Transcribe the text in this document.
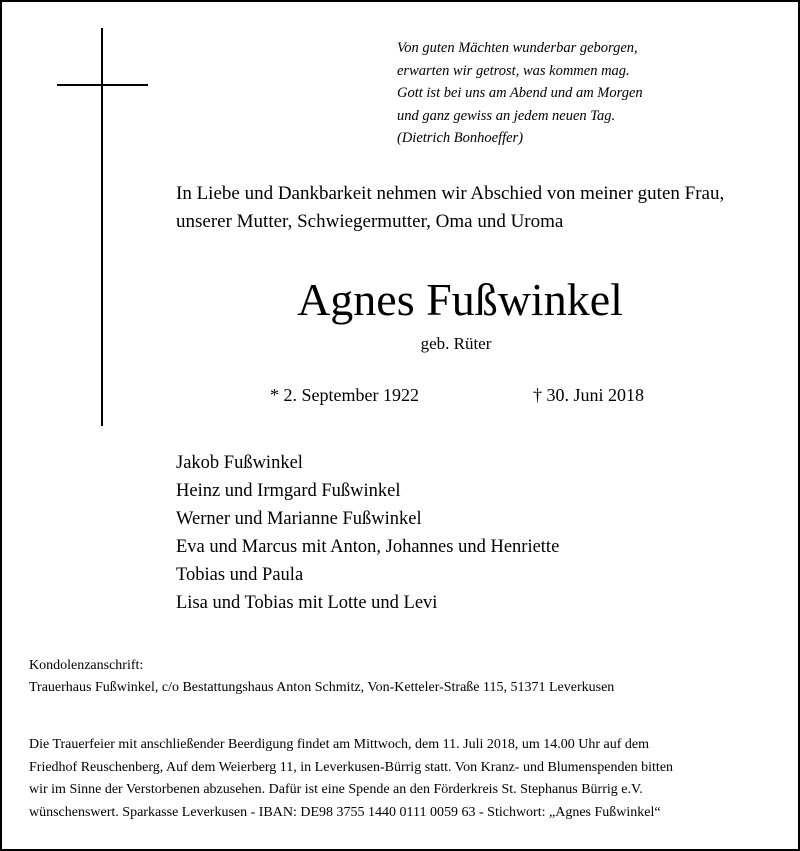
Von guten Mächten wunderbar geborgen,
erwarten wir getrost, was kommen mag.
Gott ist bei uns am Abend und am Morgen
und ganz gewiss an jedem neuen Tag.
(Dietrich Bonhoeffer)
In Liebe und Dankbarkeit nehmen wir Abschied von meiner guten Frau,
unserer Mutter, Schwiegermutter, Oma und Uroma
Agnes Fußwinkel
geb. Rüter
* 2. September 1922	† 30. Juni 2018
Jakob Fußwinkel
Heinz und Irmgard Fußwinkel
Werner und Marianne Fußwinkel
Eva und Marcus mit Anton, Johannes und Henriette
Tobias und Paula
Lisa und Tobias mit Lotte und Levi
Kondolenzanschrift:
Trauerhaus Fußwinkel, c/o Bestattungshaus Anton Schmitz, Von-Ketteler-Straße 115, 51371 Leverkusen
Die Trauerfeier mit anschließender Beerdigung findet am Mittwoch, dem 11. Juli 2018, um 14.00 Uhr auf dem
Friedhof Reuschenberg, Auf dem Weierberg 11, in Leverkusen-Bürrig statt. Von Kranz- und Blumenspenden bitten
wir im Sinne der Verstorbenen abzusehen. Dafür ist eine Spende an den Förderkreis St. Stephanus Bürrig e.V.
wünschenswert. Sparkasse Leverkusen - IBAN: DE98 3755 1440 0111 0059 63 - Stichwort: „Agnes Fußwinkel“
